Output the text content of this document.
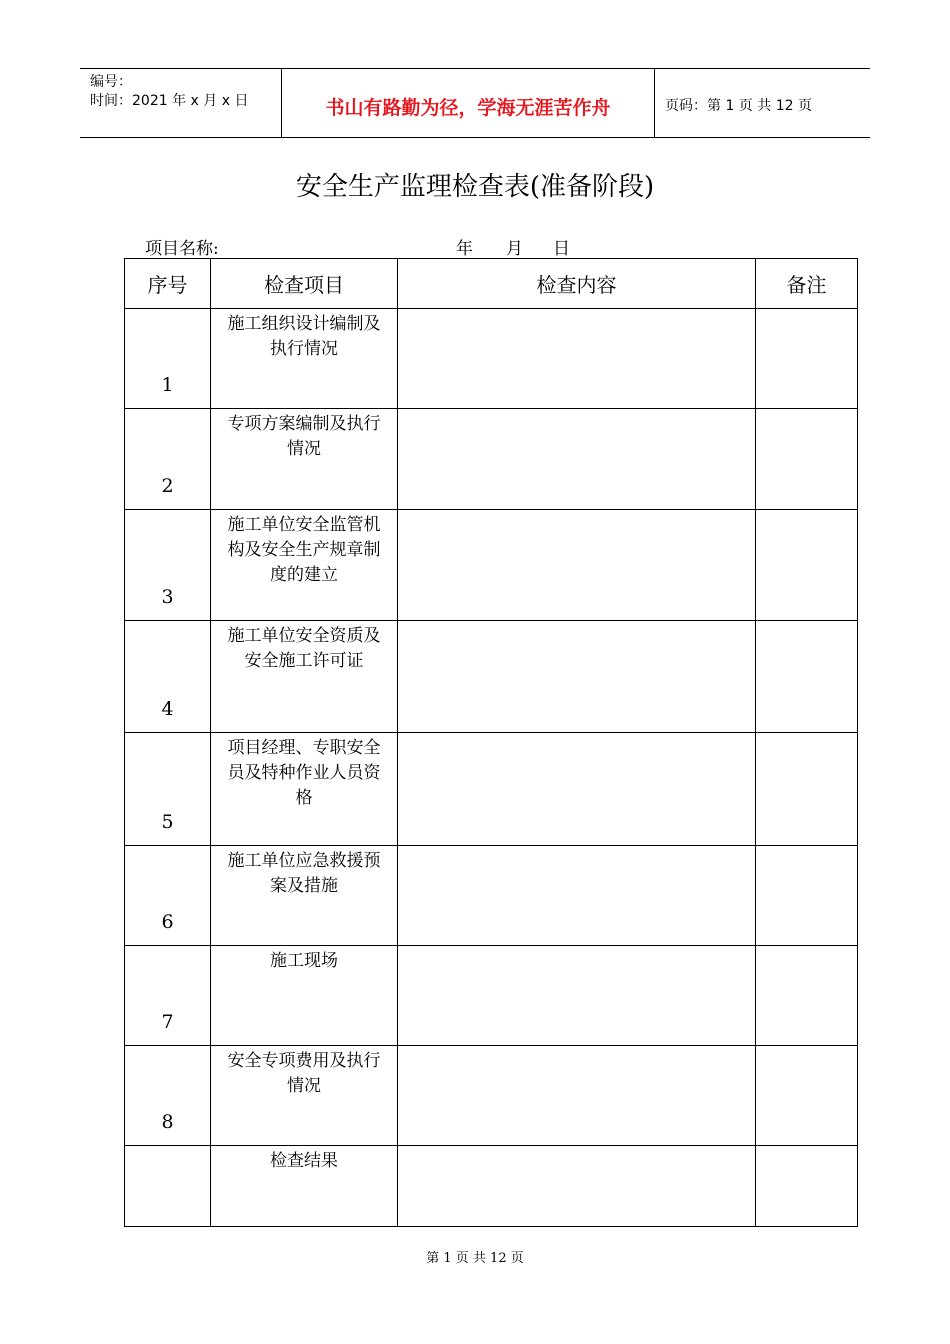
编号：
时间：2021 年 x 月 x 日	书山有路勤为径，学海无涯苦作舟	页码：第 1 页 共 12 页
安全生产监理检查表(准备阶段)
项目名称:	年 月 日
序号	检查项目	检查内容	备注

1	施工组织设计编制及执行情况		

2	专项方案编制及执行情况		

3	施工单位安全监管机构及安全生产规章制度的建立		

4	施工单位安全资质及安全施工许可证		

5	项目经理、专职安全员及特种作业人员资格		

6	施工单位应急救援预案及措施		

7	施工现场		

8	安全专项费用及执行情况		

	检查结果		
第 1 页 共 12 页
